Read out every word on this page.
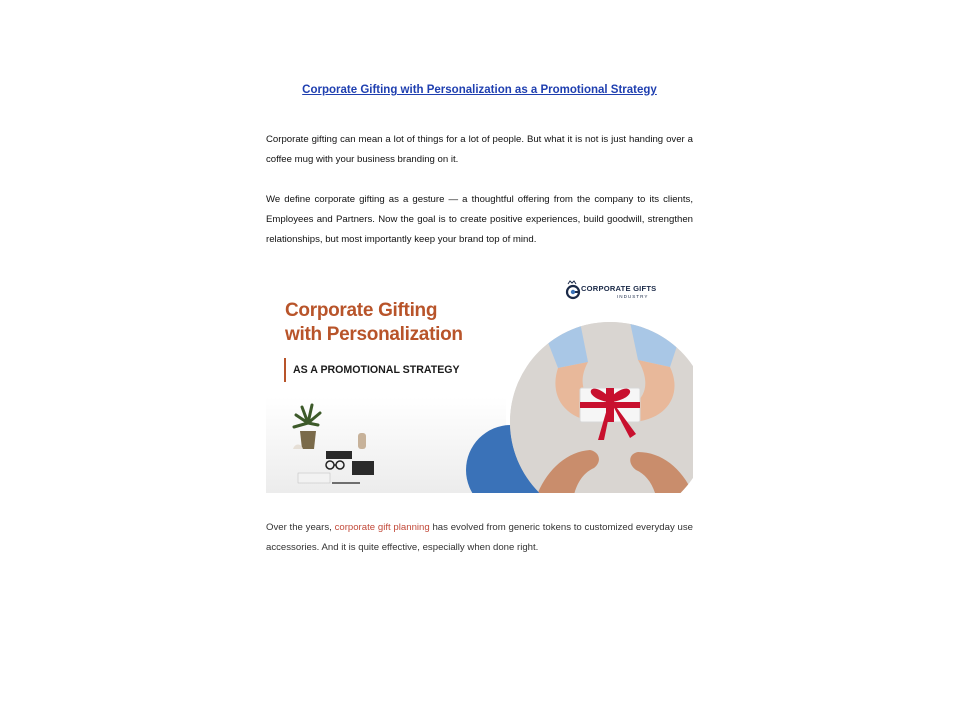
Corporate Gifting with Personalization as a Promotional Strategy

Corporate gifting can mean a lot of things for a lot of people. But what it is not is just handing over a coffee mug with your business branding on it.

We define corporate gifting as a gesture — a thoughtful offering from the company to its clients, Employees and Partners. Now the goal is to create positive experiences, build goodwill, strengthen relationships, but most importantly keep your brand top of mind.

Corporate Gifting
with Personalization
AS A PROMOTIONAL STRATEGY
CORPORATE GIFTS
INDUSTRY

Over the years, corporate gift planning has evolved from generic tokens to customized everyday use accessories. And it is quite effective, especially when done right.
